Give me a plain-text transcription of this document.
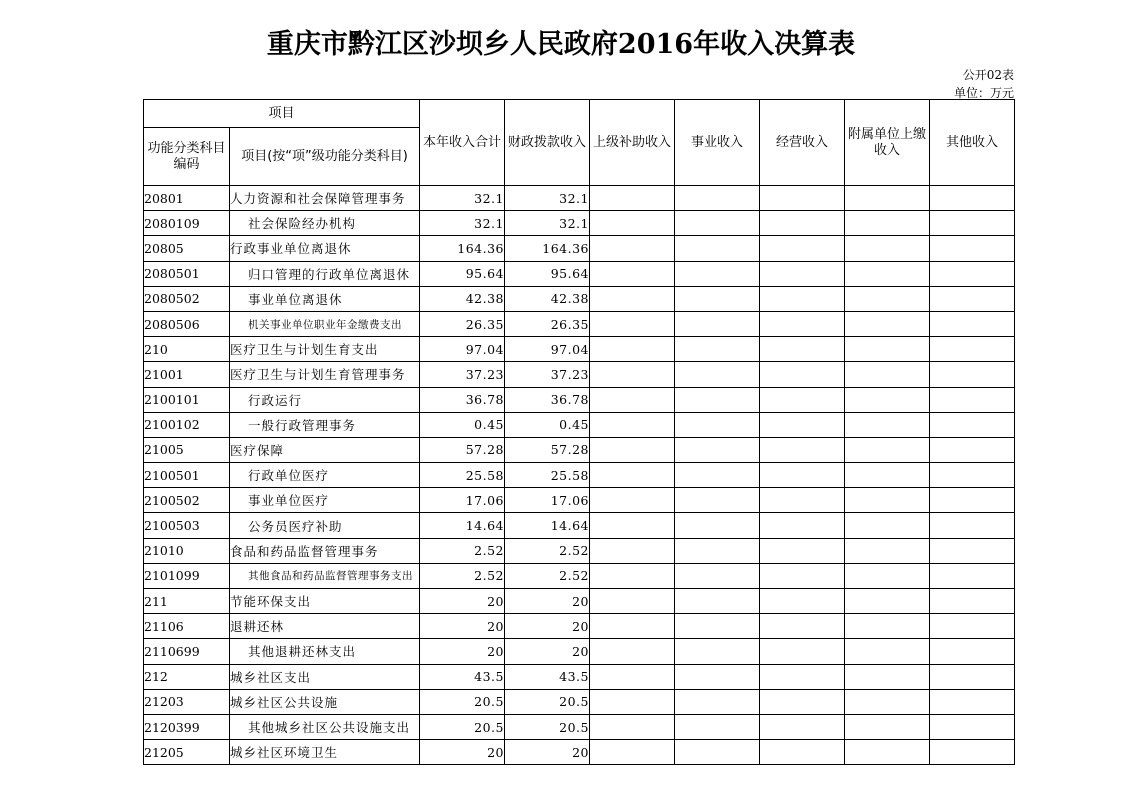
重庆市黔江区沙坝乡人民政府2016年收入决算表
公开02表
单位：万元
项目		本年收入合计	财政拨款收入	上级补助收入	事业收入	经营收入	附属单位上缴收入	其他收入
功能分类科目编码	项目(按“项”级功能分类科目)							
20801	人力资源和社会保障管理事务	32.1	32.1					
2080109	社会保险经办机构	32.1	32.1					
20805	行政事业单位离退休	164.36	164.36					
2080501	归口管理的行政单位离退休	95.64	95.64					
2080502	事业单位离退休	42.38	42.38					
2080506	机关事业单位职业年金缴费支出	26.35	26.35					
210	医疗卫生与计划生育支出	97.04	97.04					
21001	医疗卫生与计划生育管理事务	37.23	37.23					
2100101	行政运行	36.78	36.78					
2100102	一般行政管理事务	0.45	0.45					
21005	医疗保障	57.28	57.28					
2100501	行政单位医疗	25.58	25.58					
2100502	事业单位医疗	17.06	17.06					
2100503	公务员医疗补助	14.64	14.64					
21010	食品和药品监督管理事务	2.52	2.52					
2101099	其他食品和药品监督管理事务支出	2.52	2.52					
211	节能环保支出	20	20					
21106	退耕还林	20	20					
2110699	其他退耕还林支出	20	20					
212	城乡社区支出	43.5	43.5					
21203	城乡社区公共设施	20.5	20.5					
2120399	其他城乡社区公共设施支出	20.5	20.5					
21205	城乡社区环境卫生	20	20					
